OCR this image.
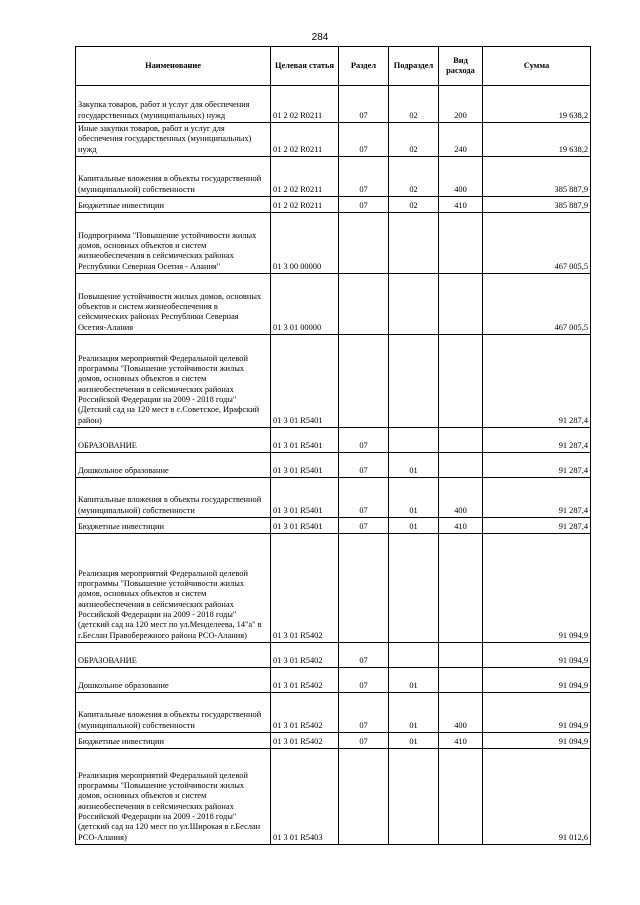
284
Наименование	Целевая статья	Раздел	Подраздел	Вид расхода	Сумма
Закупка товаров, работ и услуг для обеспечения государственных (муниципальных) нужд	01 2 02 R0211	07	02	200	19 638,2
Иные закупки товаров, работ и услуг для обеспечения государственных (муниципальных) нужд	01 2 02 R0211	07	02	240	19 638,2
Капитальные вложения в объекты государственной (муниципальной) собственности	01 2 02 R0211	07	02	400	385 887,9
Бюджетные инвестиции	01 2 02 R0211	07	02	410	385 887,9
Подпрограмма "Повышение устойчивости жилых домов, основных объектов и систем жизнеобеспечения в сейсмических районах Республики Северная Осетия - Алания"	01 3 00 00000				467 005,5
Повышение устойчивости жилых домов, основных объектов и систем жизнеобеспечения в сейсмических районах Республики Северная Осетия-Алания	01 3 01 00000				467 005,5
Реализация мероприятий Федеральной целевой программы "Повышение устойчивости жилых домов, основных объектов и систем жизнеобеспечения в сейсмических районах Российской Федерации на 2009 - 2018 годы" (Детский сад на 120 мест в с.Советское, Ирафский район)	01 3 01 R5401				91 287,4
ОБРАЗОВАНИЕ	01 3 01 R5401	07			91 287,4
Дошкольное образование	01 3 01 R5401	07	01		91 287,4
Капитальные вложения в объекты государственной (муниципальной) собственности	01 3 01 R5401	07	01	400	91 287,4
Бюджетные инвестиции	01 3 01 R5401	07	01	410	91 287,4
Реализация мероприятий Федеральной целевой программы "Повышение устойчивости жилых домов, основных объектов и систем жизнеобеспечения в сейсмических районах Российской Федерации на 2009 - 2018 годы" (детский сад на 120 мест по ул.Менделеева, 14"а" в г.Беслан Правобережного района РСО-Алания)	01 3 01 R5402				91 094,9
ОБРАЗОВАНИЕ	01 3 01 R5402	07			91 094,9
Дошкольное образование	01 3 01 R5402	07	01		91 094,9
Капитальные вложения в объекты государственной (муниципальной) собственности	01 3 01 R5402	07	01	400	91 094,9
Бюджетные инвестиции	01 3 01 R5402	07	01	410	91 094,9
Реализация мероприятий Федеральной целевой программы "Повышение устойчивости жилых домов, основных объектов и систем жизнеобеспечения в сейсмических районах Российской Федерации на 2009 - 2018 годы" (детский сад на 120 мест по ул.Широкая в г.Беслан РСО-Алания)	01 3 01 R5403				91 012,6
